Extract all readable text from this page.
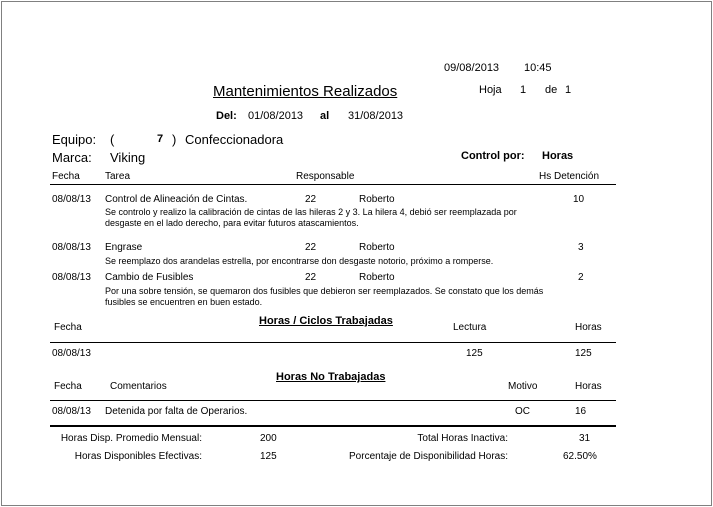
09/08/2013 10:45
Mantenimientos Realizados	Hoja 1 de 1
Del: 01/08/2013 al 31/08/2013
Equipo: (	7 ) Confeccionadora
Marca: Viking	Control por: Horas
Fecha	Tarea	Responsable	Hs Detención
08/08/13 Control de Alineación de Cintas.	22	Roberto	10
Se controlo y realizo la calibración de cintas de las hileras 2 y 3. La hilera 4, debió ser reemplazada por desgaste en el lado derecho, para evitar futuros atascamientos.
08/08/13 Engrase	22	Roberto	3
Se reemplazo dos arandelas estrella, por encontrarse don desgaste notorio, próximo a romperse.
08/08/13 Cambio de Fusibles	22	Roberto	2
Por una sobre tensión, se quemaron dos fusibles que debieron ser reemplazados. Se constato que los demás fusibles se encuentren en buen estado.
Horas / Ciclos Trabajadas
Fecha	Lectura	Horas
08/08/13	125	125
Horas No Trabajadas
Fecha	Comentarios	Motivo	Horas
08/08/13 Detenida por falta de Operarios.	OC	16
Horas Disp. Promedio Mensual:	200	Total Horas Inactiva:	31
Horas Disponibles Efectivas:	125	Porcentaje de Disponibilidad Horas:	62.50%
